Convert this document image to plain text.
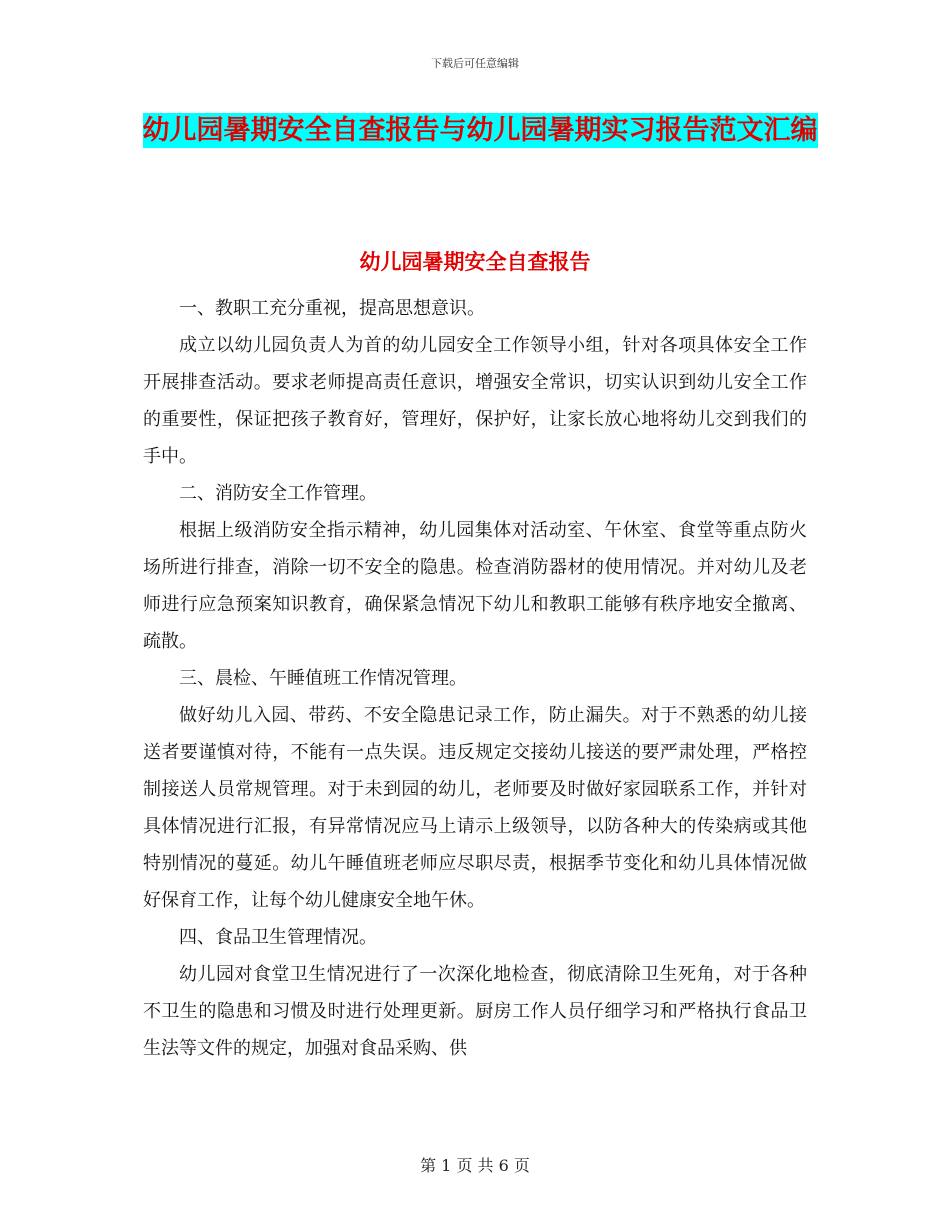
下载后可任意编辑
幼儿园暑期安全自查报告与幼儿园暑期实习报告范文汇编
幼儿园暑期安全自查报告

一、教职工充分重视，提高思想意识。

成立以幼儿园负责人为首的幼儿园安全工作领导小组，针对各项具体安全工作开展排查活动。要求老师提高责任意识，增强安全常识，切实认识到幼儿安全工作的重要性，保证把孩子教育好，管理好，保护好，让家长放心地将幼儿交到我们的手中。

二、消防安全工作管理。

根据上级消防安全指示精神，幼儿园集体对活动室、午休室、食堂等重点防火场所进行排查，消除一切不安全的隐患。检查消防器材的使用情况。并对幼儿及老师进行应急预案知识教育，确保紧急情况下幼儿和教职工能够有秩序地安全撤离、疏散。

三、晨检、午睡值班工作情况管理。

做好幼儿入园、带药、不安全隐患记录工作，防止漏失。对于不熟悉的幼儿接送者要谨慎对待，不能有一点失误。违反规定交接幼儿接送的要严肃处理，严格控制接送人员常规管理。对于未到园的幼儿，老师要及时做好家园联系工作，并针对具体情况进行汇报，有异常情况应马上请示上级领导，以防各种大的传染病或其他特别情况的蔓延。幼儿午睡值班老师应尽职尽责，根据季节变化和幼儿具体情况做好保育工作，让每个幼儿健康安全地午休。

四、食品卫生管理情况。

幼儿园对食堂卫生情况进行了一次深化地检查，彻底清除卫生死角，对于各种不卫生的隐患和习惯及时进行处理更新。厨房工作人员仔细学习和严格执行食品卫生法等文件的规定，加强对食品采购、供

第 1 页 共 6 页
